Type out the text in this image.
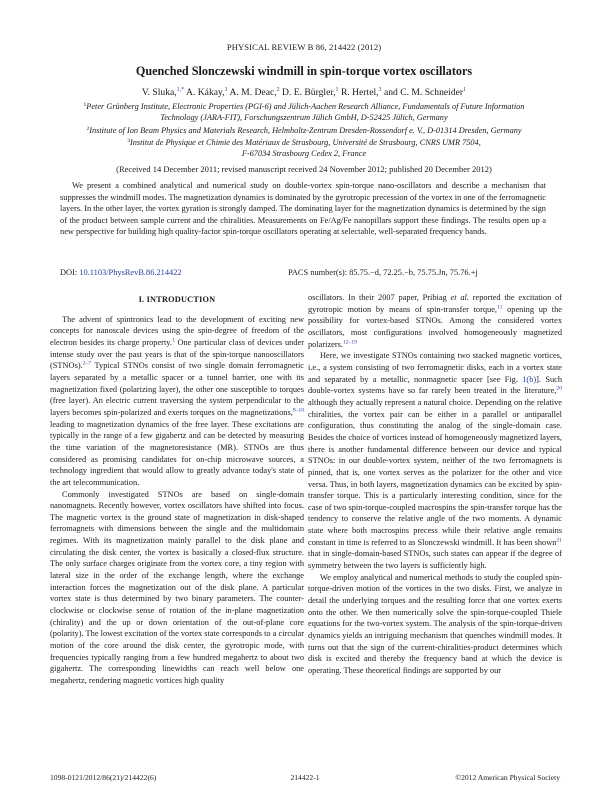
PHYSICAL REVIEW B 86, 214422 (2012)
Quenched Slonczewski windmill in spin-torque vortex oscillators
V. Sluka,$^{1,*}$ A. Kákay,$^1$ A. M. Deac,$^2$ D. E. Bürgler,$^1$ R. Hertel,$^3$ and C. M. Schneider$^1$
$^1$Peter Grünberg Institute, Electronic Properties (PGI-6) and Jülich-Aachen Research Alliance, Fundamentals of Future Information
Technology (JARA-FIT), Forschungszentrum Jülich GmbH, D-52425 Jülich, Germany
$^2$Institute of Ion Beam Physics and Materials Research, Helmholtz-Zentrum Dresden-Rossendorf e. V., D-01314 Dresden, Germany
$^3$Institut de Physique et Chimie des Matériaux de Strasbourg, Université de Strasbourg, CNRS UMR 7504,
F-67034 Strasbourg Cedex 2, France
(Received 14 December 2011; revised manuscript received 24 November 2012; published 20 December 2012)
We present a combined analytical and numerical study on double-vortex spin-torque nano-oscillators and describe a mechanism that suppresses the windmill modes. The magnetization dynamics is dominated by the gyrotropic precession of the vortex in one of the ferromagnetic layers. In the other layer, the vortex gyration is strongly damped. The dominating layer for the magnetization dynamics is determined by the sign of the product between sample current and the chiralities. Measurements on Fe/Ag/Fe nanopillars support these findings. The results open up a new perspective for building high quality-factor spin-torque oscillators operating at selectable, well-separated frequency bands.
DOI: 10.1103/PhysRevB.86.214422	PACS number(s): 85.75.−d, 72.25.−b, 75.75.Jn, 75.76.+j
I. INTRODUCTION

The advent of spintronics lead to the development of exciting new concepts for nanoscale devices using the spin-degree of freedom of the electron besides its charge property.$^1$ One particular class of devices under intense study over the past years is that of the spin-torque nanooscillators (STNOs).$^{2-7}$ Typical STNOs consist of two single domain ferromagnetic layers separated by a metallic spacer or a tunnel barrier, one with its magnetization fixed (polarizing layer), the other one susceptible to torques (free layer). An electric current traversing the system perpendicular to the layers becomes spin-polarized and exerts torques on the magnetizations,$^{8-10}$ leading to magnetization dynamics of the free layer. These excitations are typically in the range of a few gigahertz and can be detected by measuring the time variation of the magnetoresistance (MR). STNOs are thus considered as promising candidates for on-chip microwave sources, a technology ingredient that would allow to greatly advance today's state of the art telecommunication.

Commonly investigated STNOs are based on single-domain nanomagnets. Recently however, vortex oscillators have shifted into focus. The magnetic vortex is the ground state of magnetization in disk-shaped ferromagnets with dimensions between the single and the multidomain regimes. With its magnetization mainly parallel to the disk plane and circulating the disk center, the vortex is basically a closed-flux structure. The only surface charges originate from the vortex core, a tiny region with lateral size in the order of the exchange length, where the exchange interaction forces the magnetization out of the disk plane. A particular vortex state is thus determined by two binary parameters. The counter-clockwise or clockwise sense of rotation of the in-plane magnetization (chirality) and the up or down orientation of the out-of-plane core (polarity). The lowest excitation of the vortex state corresponds to a circular motion of the core around the disk center, the gyrotropic mode, with frequencies typically ranging from a few hundred megahertz to about two gigahertz. The corresponding linewidths can reach well below one megahertz, rendering magnetic vortices high quality

oscillators. In their 2007 paper, Pribiag et al. reported the excitation of gyrotropic motion by means of spin-transfer torque,$^{11}$ opening up the possibility for vortex-based STNOs. Among the considered vortex oscillators, most configurations involved homogeneously magnetized polarizers.$^{12-19}$

Here, we investigate STNOs containing two stacked magnetic vortices, i.e., a system consisting of two ferromagnetic disks, each in a vortex state and separated by a metallic, nonmagnetic spacer [see Fig. 1(b)]. Such double-vortex systems have so far rarely been treated in the literature,$^{20}$ although they actually represent a natural choice. Depending on the relative chiralities, the vortex pair can be either in a parallel or antiparallel configuration, thus constituting the analog of the single-domain case. Besides the choice of vortices instead of homogeneously magnetized layers, there is another fundamental difference between our device and typical STNOs: in our double-vortex system, neither of the two ferromagnets is pinned, that is, one vortex serves as the polarizer for the other and vice versa. Thus, in both layers, magnetization dynamics can be excited by spin-transfer torque. This is a particularly interesting condition, since for the case of two spin-torque-coupled macrospins the spin-transfer torque has the tendency to conserve the relative angle of the two moments. A dynamic state where both macrospins precess while their relative angle remains constant in time is referred to as Slonczewski windmill. It has been shown$^{21}$ that in single-domain-based STNOs, such states can appear if the degree of symmetry between the two layers is sufficiently high.

We employ analytical and numerical methods to study the coupled spin-torque-driven motion of the vortices in the two disks. First, we analyze in detail the underlying torques and the resulting force that one vortex exerts onto the other. We then numerically solve the spin-torque-coupled Thiele equations for the two-vortex system. The analysis of the spin-torque-driven dynamics yields an intriguing mechanism that quenches windmill modes. It turns out that the sign of the current-chiralities-product determines which disk is excited and thereby the frequency band at which the device is operating. These theoretical findings are supported by our

1098-0121/2012/86(21)/214422(6)	214422-1	©2012 American Physical Society
